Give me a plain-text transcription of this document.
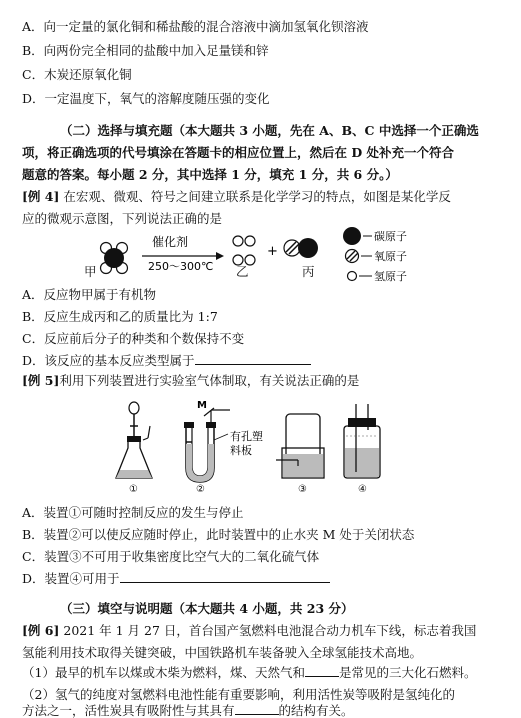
A．向一定量的氯化铜和稀盐酸的混合溶液中滴加氢氧化钡溶液
B．向两份完全相同的盐酸中加入足量镁和锌
C．木炭还原氧化铜
D．一定温度下，氧气的溶解度随压强的变化
（二）选择与填充题（本大题共 3 小题，先在 A、B、C 中选择一个正确选
项，将正确选项的代号填涂在答题卡的相应位置上，然后在 D 处补充一个符合
题意的答案。每小题 2 分，其中选择 1 分，填充 1 分，共 6 分。）
[例 4] 在宏观、微观、符号之间建立联系是化学学习的特点，如图是某化学反
应的微观示意图，下列说法正确的是
催化剂
250～300℃
+
碳原子
氧原子
氢原子
甲	乙	丙
A．反应物甲属于有机物
B．反应生成丙和乙的质量比为 1:7
C．反应前后分子的种类和个数保持不变
D．该反应的基本反应类型属于
[例 5]利用下列装置进行实验室气体制取，有关说法正确的是
①
M
有孔塑
料板
②	③	④
A．装置①可随时控制反应的发生与停止
B．装置②可以使反应随时停止，此时装置中的止水夹 M 处于关闭状态
C．装置③不可用于收集密度比空气大的二氧化硫气体
D．装置④可用于
（三）填空与说明题（本大题共 4 小题，共 23 分）
[例 6] 2021 年 1 月 27 日，首台国产氢燃料电池混合动力机车下线，标志着我国
氢能利用技术取得关键突破，中国铁路机车装备驶入全球氢能技术高地。
（1）最早的机车以煤或木柴为燃料，煤、天然气和	是常见的三大化石燃料。
（2）氢气的纯度对氢燃料电池性能有重要影响，利用活性炭等吸附是氢纯化的
方法之一，活性炭具有吸附性与其具有	的结构有关。
